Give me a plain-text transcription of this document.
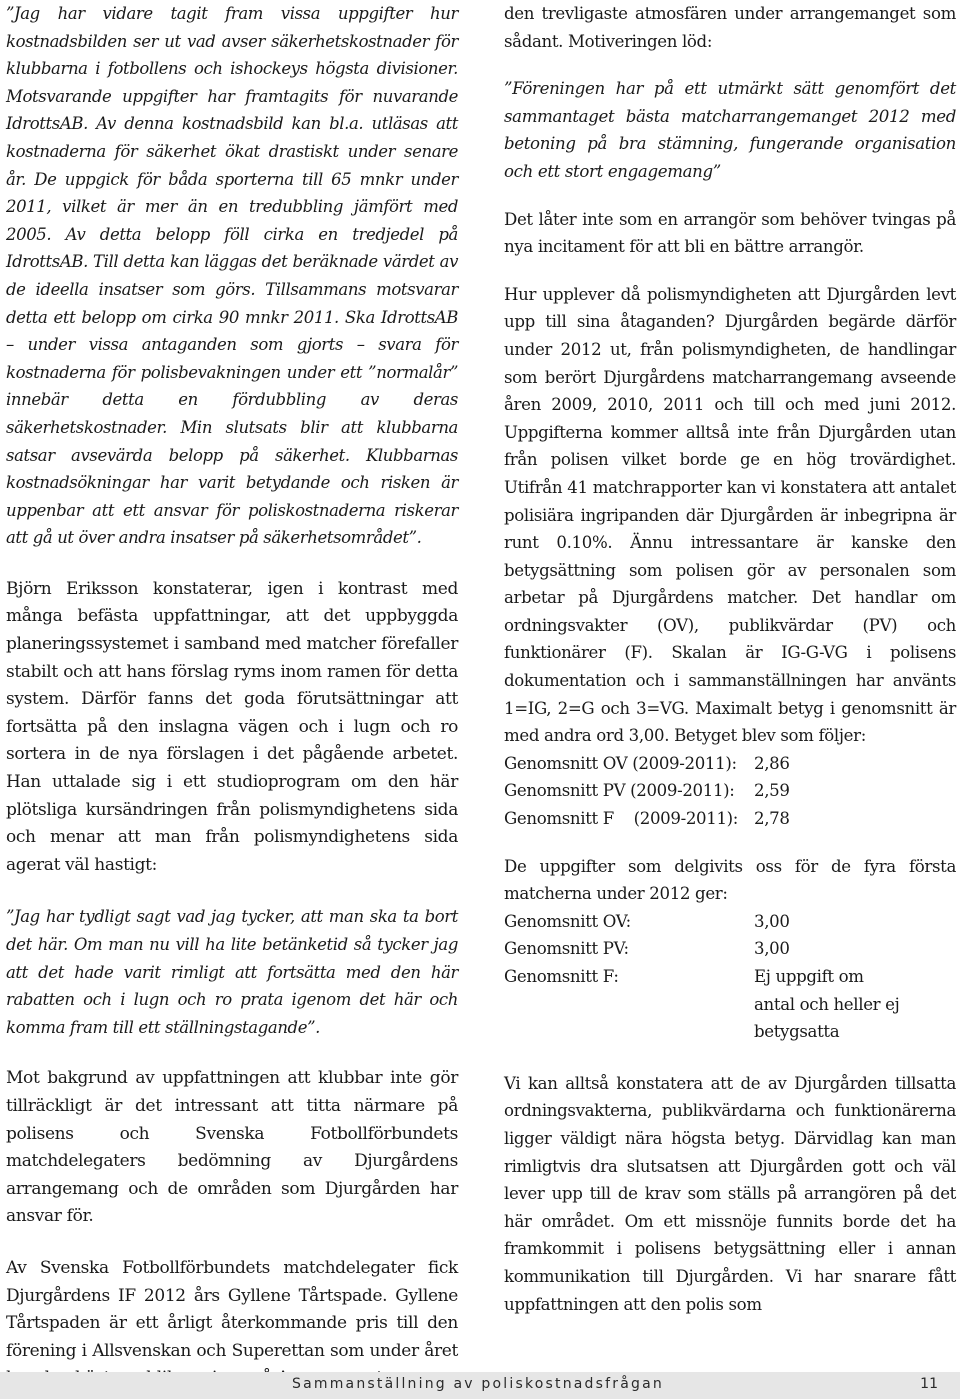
”Jag har vidare tagit fram vissa uppgifter hur kostnadsbilden ser ut vad avser säkerhetskostnader för klubbarna i fotbollens och ishockeys högsta divisioner. Motsvarande uppgifter har framtagits för nuvarande IdrottsAB. Av denna kostnadsbild kan bl.a. utläsas att kostnaderna för säkerhet ökat drastiskt under senare år. De uppgick för båda sporterna till 65 mnkr under 2011, vilket är mer än en tredubbling jämfört med 2005. Av detta belopp föll cirka en tredjedel på IdrottsAB. Till detta kan läggas det beräknade värdet av de ideella insatser som görs. Tillsammans motsvarar detta ett belopp om cirka 90 mnkr 2011. Ska IdrottsAB – under vissa antaganden som gjorts – svara för kostnaderna för polisbevakningen under ett ”normalår” innebär detta en fördubbling av deras säkerhetskostnader. Min slutsats blir att klubbarna satsar avsevärda belopp på säkerhet. Klubbarnas kostnadsökningar har varit betydande och risken är uppenbar att ett ansvar för poliskostnaderna riskerar att gå ut över andra insatser på säkerhetsområdet”.

Björn Eriksson konstaterar, igen i kontrast med många befästa uppfattningar, att det uppbyggda planeringssystemet i samband med matcher förefaller stabilt och att hans förslag ryms inom ramen för detta system. Därför fanns det goda förutsättningar att fortsätta på den inslagna vägen och i lugn och ro sortera in de nya förslagen i det pågående arbetet. Han uttalade sig i ett studioprogram om den här plötsliga kursändringen från polismyndighetens sida och menar att man från polismyndighetens sida agerat väl hastigt:

”Jag har tydligt sagt vad jag tycker, att man ska ta bort det här. Om man nu vill ha lite betänketid så tycker jag att det hade varit rimligt att fortsätta med den här rabatten och i lugn och ro prata igenom det här och komma fram till ett ställningstagande”.

Mot bakgrund av uppfattningen att klubbar inte gör tillräckligt är det intressant att titta närmare på polisens och Svenska Fotbollförbundets matchdelegaters bedömning av Djurgårdens arrangemang och de områden som Djurgården har ansvar för.

Av Svenska Fotbollförbundets matchdelegater fick Djurgårdens IF 2012 års Gyllene Tårtspade. Gyllene Tårtspaden är ett årligt återkommande pris till den förening i Allsvenskan och Superettan som under året

den trevligaste atmosfären under arrangemanget som sådant. Motiveringen löd:

”Föreningen har på ett utmärkt sätt genomfört det sammantaget bästa matcharrangemanget 2012 med betoning på bra stämning, fungerande organisation och ett stort engagemang”

Det låter inte som en arrangör som behöver tvingas på nya incitament för att bli en bättre arrangör.

Hur upplever då polismyndigheten att Djurgården levt upp till sina åtaganden? Djurgården begärde därför under 2012 ut, från polismyndigheten, de handlingar som berört Djurgårdens matcharrangemang avseende åren 2009, 2010, 2011 och till och med juni 2012. Uppgifterna kommer alltså inte från Djurgården utan från polisen vilket borde ge en hög trovärdighet. Utifrån 41 matchrapporter kan vi konstatera att antalet polisiära ingripanden där Djurgården är inbegripna är runt 0.10%. Ännu intressantare är kanske den betygsättning som polisen gör av personalen som arbetar på Djurgårdens matcher. Det handlar om ordningsvakter (OV), publikvärdar (PV) och funktionärer (F). Skalan är IG-G-VG i polisens dokumentation och i sammanställningen har använts 1=IG, 2=G och 3=VG. Maximalt betyg i genomsnitt är med andra ord 3,00. Betyget blev som följer:

Genomsnitt OV (2009-2011):	2,86
Genomsnitt PV (2009-2011):	2,59
Genomsnitt F    (2009-2011): 2,78

De uppgifter som delgivits oss för de fyra första matcherna under 2012 ger:

Genomsnitt OV:	3,00
Genomsnitt PV:	3,00
Genomsnitt F:	Ej uppgift om antal och heller ej betygsatta

Vi kan alltså konstatera att de av Djurgården tillsatta ordningsvakterna, publikvärdarna och funktionärerna ligger väldigt nära högsta betyg. Därvidlag kan man rimligtvis dra slutsatsen att Djurgården gott och väl lever upp till de krav som ställs på arrangören på det här området. Om ett missnöje funnits borde det ha framkommit i polisens betygsättning eller i annan kommunikation till Djurgården. Vi har snarare fått uppfattningen att den polis som

Sammanställning av poliskostnadsfrågan	11
